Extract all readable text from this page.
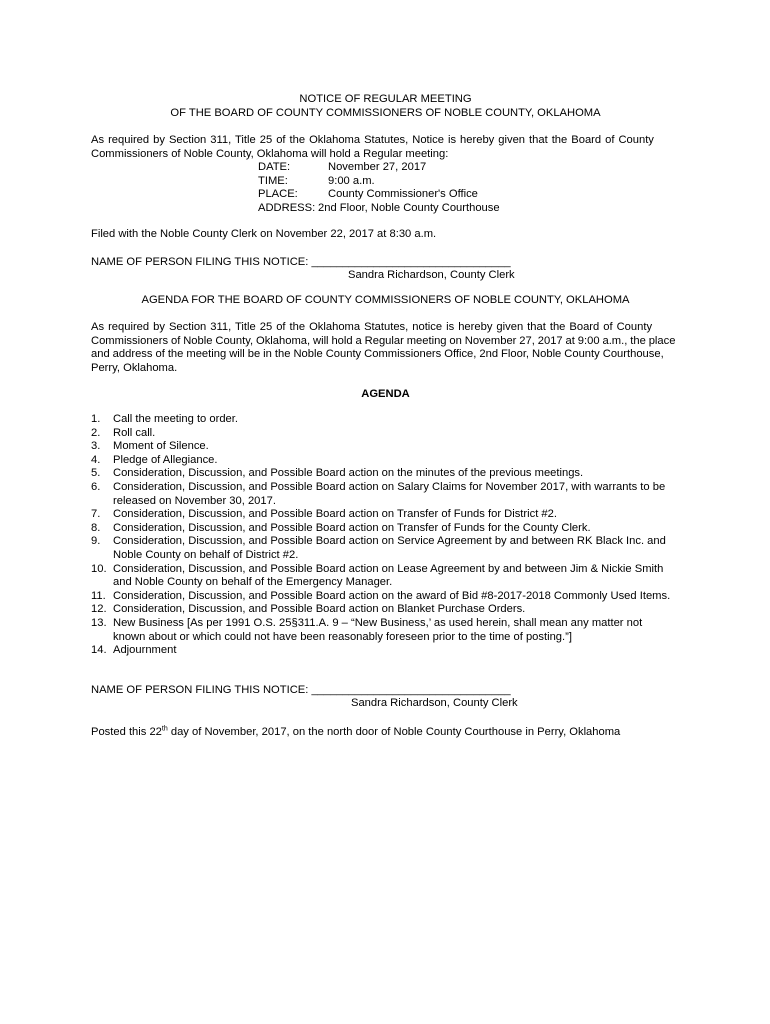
NOTICE OF REGULAR MEETING
OF THE BOARD OF COUNTY COMMISSIONERS OF NOBLE COUNTY, OKLAHOMA
As required by Section 311, Title 25 of the Oklahoma Statutes, Notice is hereby given that the Board of County
Commissioners of Noble County, Oklahoma will hold a Regular meeting:
DATE:	November 27, 2017
TIME:	9:00 a.m.
PLACE:	County Commissioner's Office
ADDRESS: 2nd Floor, Noble County Courthouse
Filed with the Noble County Clerk on November 22, 2017 at 8:30 a.m.
NAME OF PERSON FILING THIS NOTICE: ________________________________
Sandra Richardson, County Clerk
AGENDA FOR THE BOARD OF COUNTY COMMISSIONERS OF NOBLE COUNTY, OKLAHOMA
As required by Section 311, Title 25 of the Oklahoma Statutes, notice is hereby given that the Board of County
Commissioners of Noble County, Oklahoma, will hold a Regular meeting on November 27, 2017 at 9:00 a.m., the place
and address of the meeting will be in the Noble County Commissioners Office, 2nd Floor, Noble County Courthouse,
Perry, Oklahoma.
AGENDA
1. Call the meeting to order.
2. Roll call.
3. Moment of Silence.
4. Pledge of Allegiance.
5. Consideration, Discussion, and Possible Board action on the minutes of the previous meetings.
6. Consideration, Discussion, and Possible Board action on Salary Claims for November 2017, with warrants to be
released on November 30, 2017.
7. Consideration, Discussion, and Possible Board action on Transfer of Funds for District #2.
8. Consideration, Discussion, and Possible Board action on Transfer of Funds for the County Clerk.
9. Consideration, Discussion, and Possible Board action on Service Agreement by and between RK Black Inc. and
Noble County on behalf of District #2.
10. Consideration, Discussion, and Possible Board action on Lease Agreement by and between Jim & Nickie Smith
and Noble County on behalf of the Emergency Manager.
11. Consideration, Discussion, and Possible Board action on the award of Bid #8-2017-2018 Commonly Used Items.
12. Consideration, Discussion, and Possible Board action on Blanket Purchase Orders.
13. New Business [As per 1991 O.S. 25§311.A. 9 – “New Business,’ as used herein, shall mean any matter not
known about or which could not have been reasonably foreseen prior to the time of posting.”]
14. Adjournment
NAME OF PERSON FILING THIS NOTICE: ________________________________
Sandra Richardson, County Clerk
Posted this 22th day of November, 2017, on the north door of Noble County Courthouse in Perry, Oklahoma
